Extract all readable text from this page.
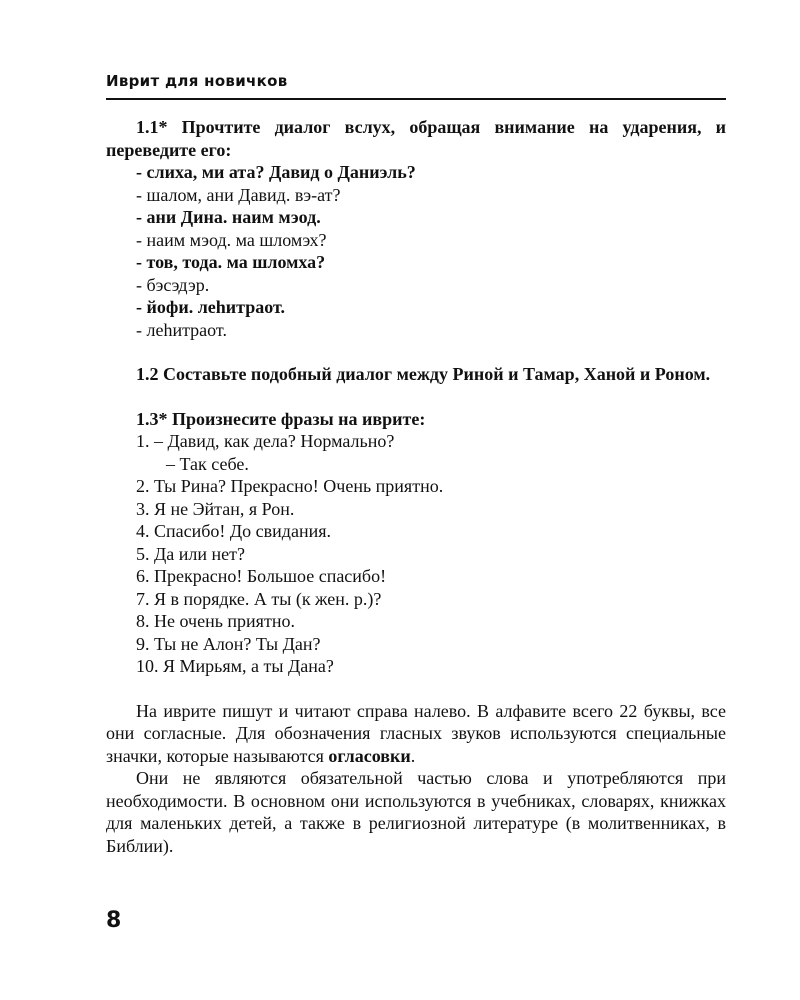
Иврит для новичков

1.1* Прочтите диалог вслух, обращая внимание на ударения, и переведите его:

- слиха, ми ата? Давид о Даниэль?

- шалом, ани Давид. вэ-ат?

- ани Дина. наим мэод.

- наим мэод. ма шломэх?

- тов, тода. ма шломха?

- бэсэдэр.

- йофи. леһитраот.

- леһитраот.

1.2 Составьте подобный диалог между Риной и Тамар, Ханой и Роном.

1.3* Произнесите фразы на иврите:

1. – Давид, как дела? Нормально?

– Так себе.

2. Ты Рина? Прекрасно! Очень приятно.

3. Я не Эйтан, я Рон.

4. Спасибо! До свидания.

5. Да или нет?

6. Прекрасно! Большое спасибо!

7. Я в порядке. А ты (к жен. р.)?

8. Не очень приятно.

9. Ты не Алон? Ты Дан?

10. Я Мирьям, а ты Дана?

На иврите пишут и читают справа налево. В алфавите всего 22 буквы, все они согласные. Для обозначения гласных звуков используются специальные значки, которые называются огласовки.

Они не являются обязательной частью слова и употребляются при необходимости. В основном они используются в учебниках, словарях, книжках для маленьких детей, а также в религиозной литературе (в молитвенниках, в Библии).

8
